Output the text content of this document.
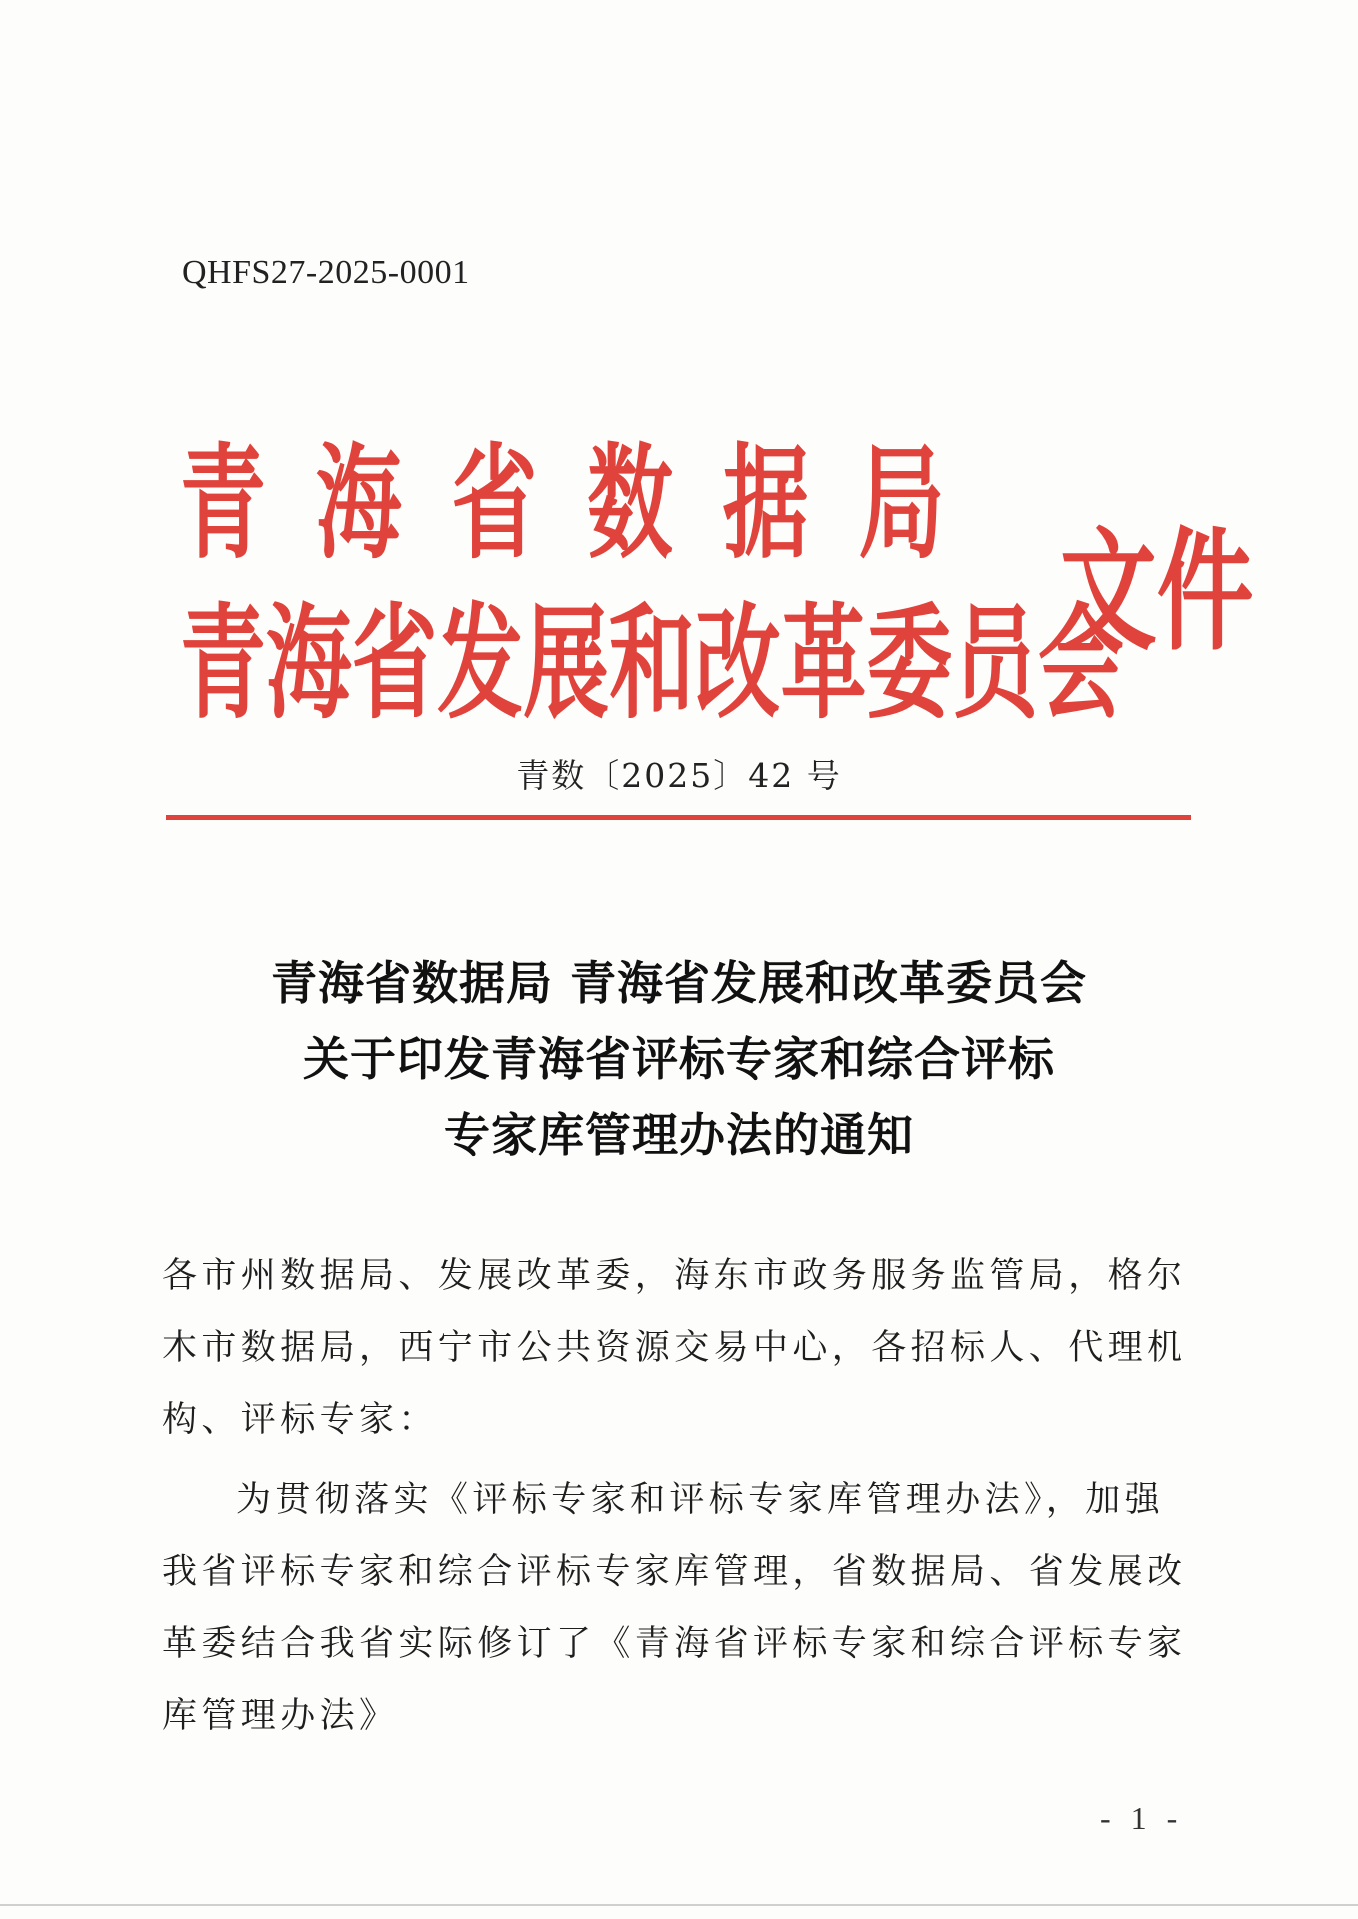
QHFS27-2025-0001
青海省数据局
青海省发展和改革委员会
文件
青数〔2025〕42 号
青海省数据局 青海省发展和改革委员会
关于印发青海省评标专家和综合评标
专家库管理办法的通知

各市州数据局、发展改革委，海东市政务服务监管局，格尔木市数据局，西宁市公共资源交易中心，各招标人、代理机构、评标专家：

为贯彻落实《评标专家和评标专家库管理办法》，加强我省评标专家和综合评标专家库管理，省数据局、省发展改革委结合我省实际修订了《青海省评标专家和综合评标专家库管理办法》

- 1 -
